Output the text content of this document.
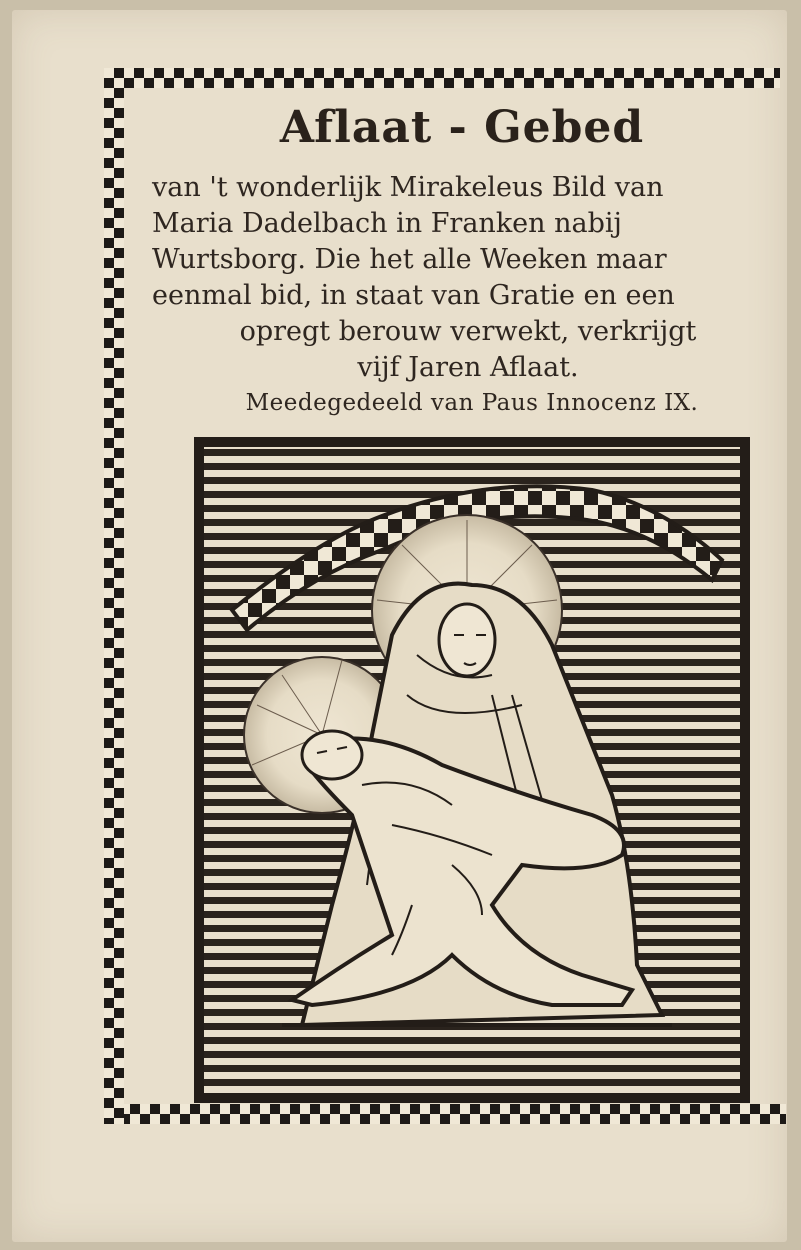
Aflaat - Gebed
van 't wonderlijk Mirakeleus Bild van
Maria Dadelbach in Franken nabij
Wurtsborg. Die het alle Weeken maar
eenmal bid, in staat van Gratie en een
opregt berouw verwekt, verkrijgt
vijf Jaren Aflaat.
Meedegedeeld van Paus Innocenz IX.
